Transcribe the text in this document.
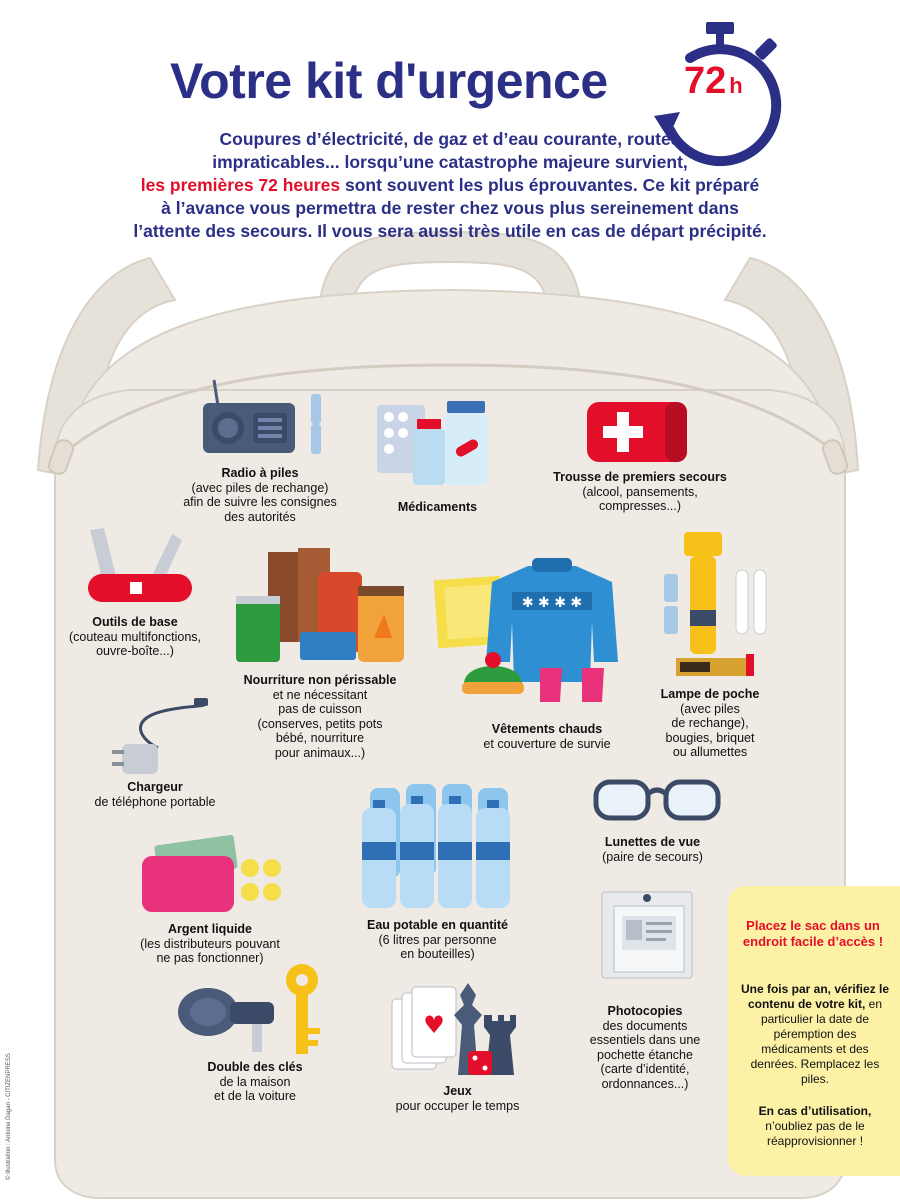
72 h
Votre kit d'urgence
Coupures d’électricité, de gaz et d’eau courante, routes
impraticables... lorsqu’une catastrophe majeure survient,
les premières 72 heures sont souvent les plus éprouvantes. Ce kit préparé
à l’avance vous permettra de rester chez vous plus sereinement dans
l’attente des secours. Il vous sera aussi très utile en cas de départ précipité.
Radio à piles
(avec piles de rechange)
afin de suivre les consignes
des autorités
Médicaments
Trousse de premiers secours
(alcool, pansements,
compresses...)
Outils de base
(couteau multifonctions,
ouvre-boîte...)
Nourriture non périssable
et ne nécessitant
pas de cuisson
(conserves, petits pots
bébé, nourriture
pour animaux...)
✱ ✱ ✱ ✱
Vêtements chauds
et couverture de survie
Lampe de poche
(avec piles
de rechange),
bougies, briquet
ou allumettes
Chargeur
de téléphone portable
Lunettes de vue
(paire de secours)
Argent liquide
(les distributeurs pouvant
ne pas fonctionner)
Eau potable en quantité
(6 litres par personne
en bouteilles)
Photocopies
des documents
essentiels dans une
pochette étanche
(carte d’identité,
ordonnances...)
Double des clés
de la maison
et de la voiture
♥
Jeux
pour occuper le temps
Placez le sac dans un endroit facile d’accès !
Une fois par an, vérifiez le contenu de votre kit, en particulier la date de péremption des médicaments et des denrées. Remplacez les piles.
En cas d’utilisation, n’oubliez pas de le réapprovisionner !
© Illustration : Antoine Dagan - CITIZENPRESS
